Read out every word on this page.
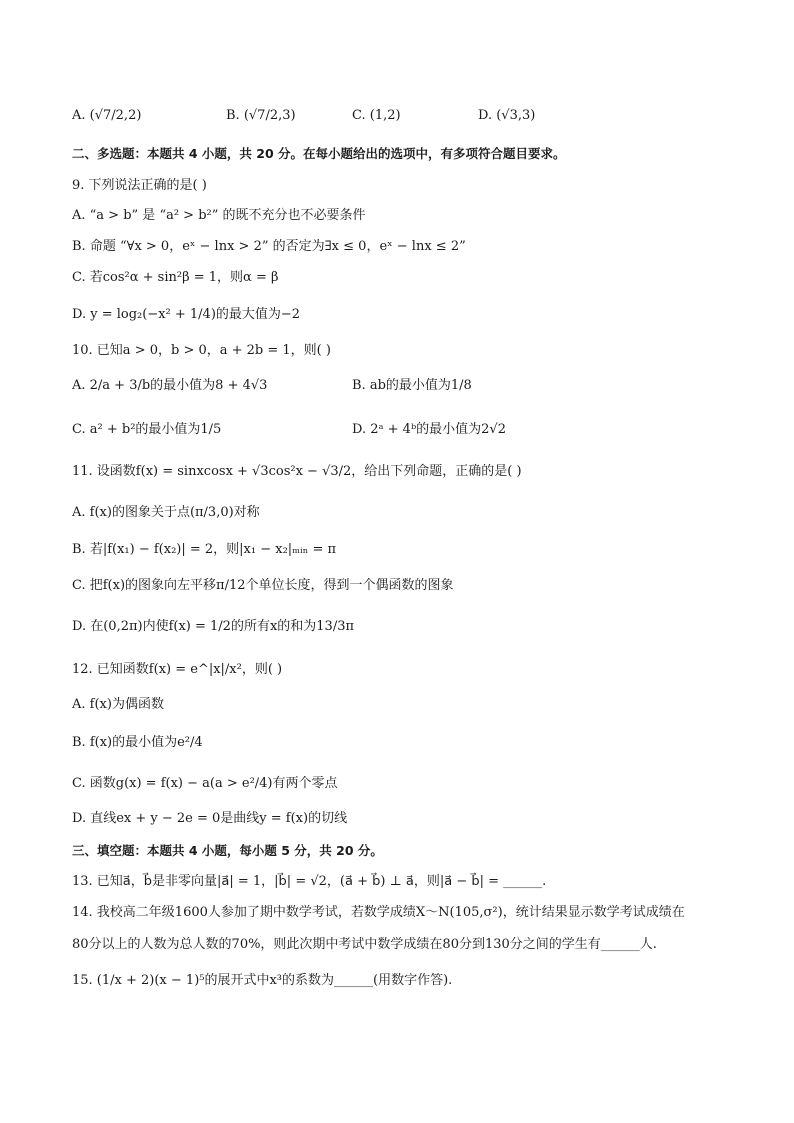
A. (√7/2,2)	B. (√7/2,3)	C. (1,2)	D. (√3,3)
二、多选题：本题共 4 小题，共 20 分。在每小题给出的选项中，有多项符合题目要求。
9. 下列说法正确的是( )
A. “a > b” 是 “a² > b²” 的既不充分也不必要条件
B. 命题 “∀x > 0，eˣ − lnx > 2” 的否定为∃x ≤ 0，eˣ − lnx ≤ 2”
C. 若cos²α + sin²β = 1，则α = β
D. y = log₂(−x² + 1/4)的最大值为−2
10. 已知a > 0，b > 0，a + 2b = 1，则( )
A. 2/a + 3/b的最小值为8 + 4√3	B. ab的最小值为1/8
C. a² + b²的最小值为1/5	D. 2ᵃ + 4ᵇ的最小值为2√2
11. 设函数f(x) = sinxcosx + √3cos²x − √3/2，给出下列命题，正确的是( )
A. f(x)的图象关于点(π/3,0)对称
B. 若|f(x₁) − f(x₂)| = 2，则|x₁ − x₂|ₘᵢₙ = π
C. 把f(x)的图象向左平移π/12个单位长度，得到一个偶函数的图象
D. 在(0,2π)内使f(x) = 1/2的所有x的和为13/3π
12. 已知函数f(x) = e^|x|/x²，则( )
A. f(x)为偶函数
B. f(x)的最小值为e²/4
C. 函数g(x) = f(x) − a(a > e²/4)有两个零点
D. 直线ex + y − 2e = 0是曲线y = f(x)的切线
三、填空题：本题共 4 小题，每小题 5 分，共 20 分。
13. 已知a⃗，b⃗是非零向量|a⃗| = 1，|b⃗| = √2，(a⃗ + b⃗) ⊥ a⃗，则|a⃗ − b⃗| = ______.
14. 我校高二年级1600人参加了期中数学考试，若数学成绩X～N(105,σ²)，统计结果显示数学考试成绩在
80分以上的人数为总人数的70%，则此次期中考试中数学成绩在80分到130分之间的学生有______人.
15. (1/x + 2)(x − 1)⁵的展开式中x³的系数为______(用数字作答).
